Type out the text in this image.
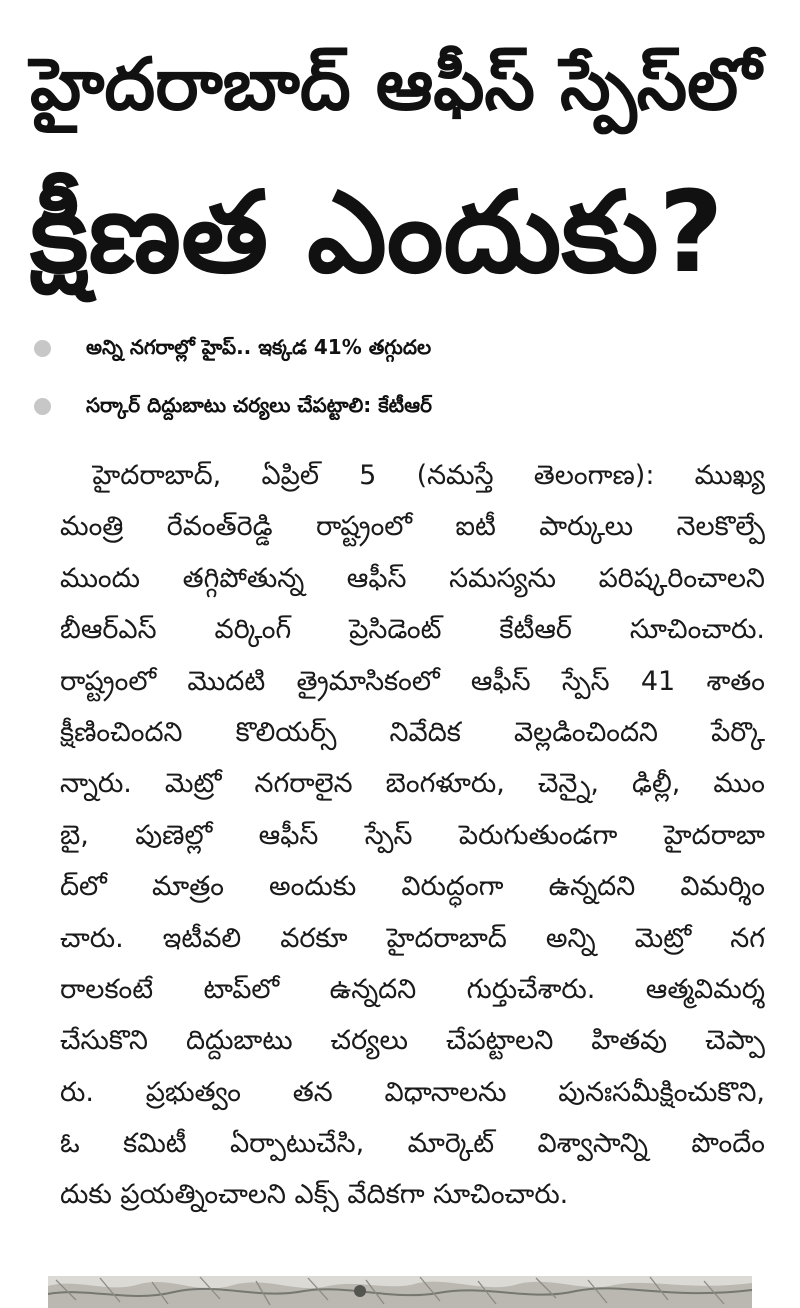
హైదరాబాద్ ఆఫీస్ స్పేస్‌లో
క్షీణత ఎందుకు?
అన్ని నగరాల్లో హైప్.. ఇక్కడ 41% తగ్గుదల
సర్కార్ దిద్దుబాటు చర్యలు చేపట్టాలి: కేటీఆర్
హైదరాబాద్, ఏప్రిల్ 5 (నమస్తే తెలంగాణ): ముఖ్య
మంత్రి రేవంత్‌రెడ్డి రాష్ట్రంలో ఐటీ పార్కులు నెలకొల్పే
ముందు తగ్గిపోతున్న ఆఫీస్ సమస్యను పరిష్కరించాలని
బీఆర్‌ఎస్ వర్కింగ్ ప్రెసిడెంట్ కేటీఆర్ సూచించారు.
రాష్ట్రంలో మొదటి త్రైమాసికంలో ఆఫీస్ స్పేస్ 41 శాతం
క్షీణించిందని కొలియర్స్ నివేదిక వెల్లడించిందని పేర్కొ
న్నారు. మెట్రో నగరాలైన బెంగళూరు, చెన్నై, ఢిల్లీ, ముం
బై, పుణెల్లో ఆఫీస్ స్పేస్ పెరుగుతుండగా హైదరాబా
ద్‌లో మాత్రం అందుకు విరుద్ధంగా ఉన్నదని విమర్శిం
చారు. ఇటీవలి వరకూ హైదరాబాద్ అన్ని మెట్రో నగ
రాలకంటే టాప్‌లో ఉన్నదని గుర్తుచేశారు. ఆత్మవిమర్శ
చేసుకొని దిద్దుబాటు చర్యలు చేపట్టాలని హితవు చెప్పా
రు. ప్రభుత్వం తన విధానాలను పునఃసమీక్షించుకొని,
ఓ కమిటీ ఏర్పాటుచేసి, మార్కెట్ విశ్వాసాన్ని పొందేం
దుకు ప్రయత్నించాలని ఎక్స్ వేదికగా సూచించారు.
